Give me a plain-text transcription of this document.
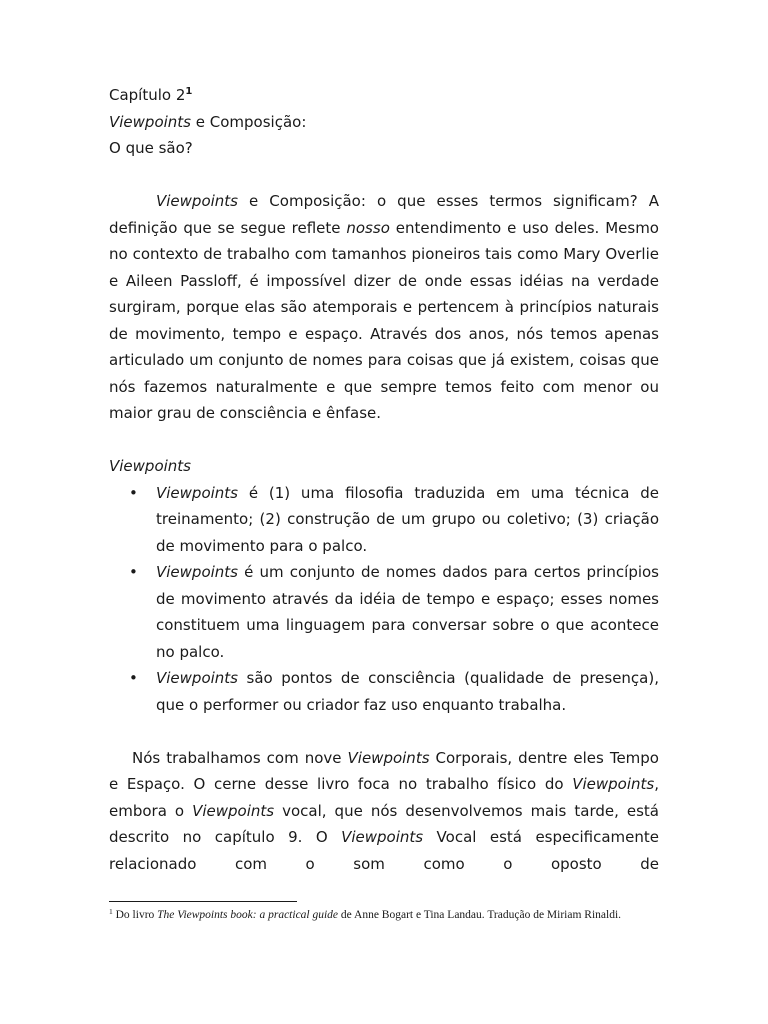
Capítulo $2^1$
Viewpoints e Composição:
O que são?

Viewpoints e Composição: o que esses termos significam? A definição que se segue reflete nosso entendimento e uso deles. Mesmo no contexto de trabalho com tamanhos pioneiros tais como Mary Overlie e Aileen Passloff, é impossível dizer de onde essas idéias na verdade surgiram, porque elas são atemporais e pertencem à princípios naturais de movimento, tempo e espaço. Através dos anos, nós temos apenas articulado um conjunto de nomes para coisas que já existem, coisas que nós fazemos naturalmente e que sempre temos feito com menor ou maior grau de consciência e ênfase.

Viewpoints

• Viewpoints é (1) uma filosofia traduzida em uma técnica de treinamento; (2) construção de um grupo ou coletivo; (3) criação de movimento para o palco.
• Viewpoints é um conjunto de nomes dados para certos princípios de movimento através da idéia de tempo e espaço; esses nomes constituem uma linguagem para conversar sobre o que acontece no palco.
• Viewpoints são pontos de consciência (qualidade de presença), que o performer ou criador faz uso enquanto trabalha.

Nós trabalhamos com nove Viewpoints Corporais, dentre eles Tempo e Espaço. O cerne desse livro foca no trabalho físico do Viewpoints, embora o Viewpoints vocal, que nós desenvolvemos mais tarde, está descrito no capítulo 9. O Viewpoints Vocal está especificamente relacionado com o som como o oposto de

$^1$ Do livro The Viewpoints book: a practical guide de Anne Bogart e Tina Landau. Tradução de Miriam Rinaldi.
